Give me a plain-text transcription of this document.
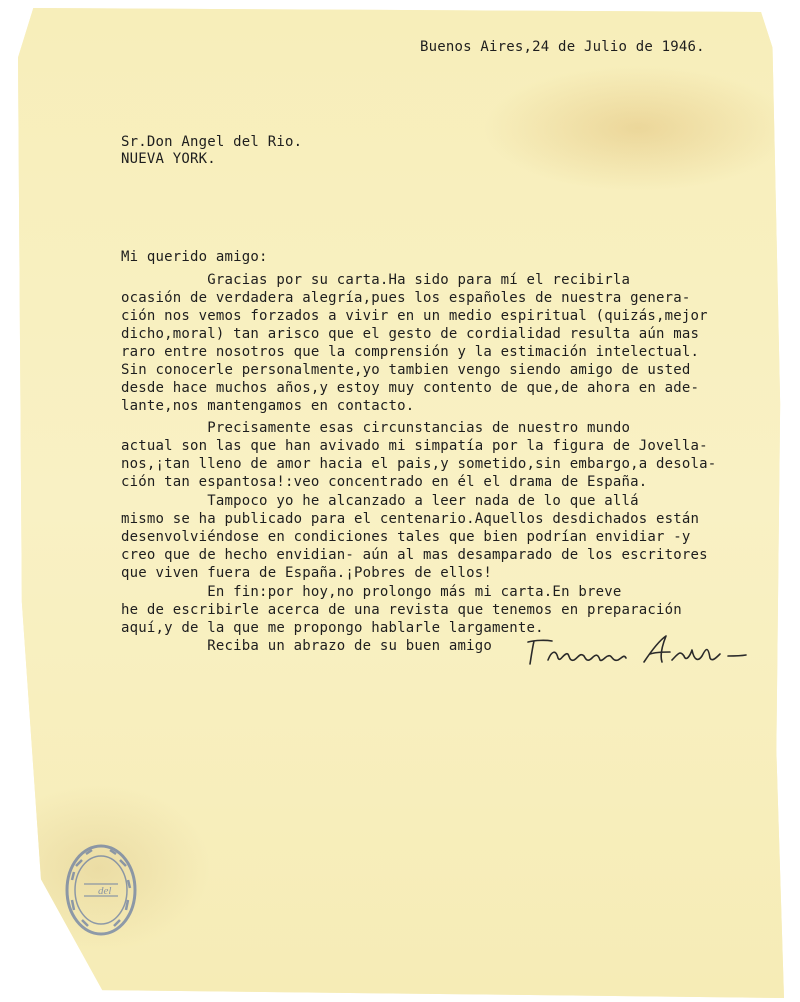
Buenos Aires,24 de Julio de 1946.
Sr.Don Angel del Rio.
NUEVA YORK.
Mi querido amigo:
Gracias por su carta.Ha sido para mí el recibirla
ocasión de verdadera alegría,pues los españoles de nuestra genera-
ción nos vemos forzados a vivir en un medio espiritual (quizás,mejor
dicho,moral) tan arisco que el gesto de cordialidad resulta aún mas
raro entre nosotros que la comprensión y la estimación intelectual.
Sin conocerle personalmente,yo tambien vengo siendo amigo de usted
desde hace muchos años,y estoy muy contento de que,de ahora en ade-
lante,nos mantengamos en contacto.
Precisamente esas circunstancias de nuestro mundo
actual son las que han avivado mi simpatía por la figura de Jovella-
nos,¡tan lleno de amor hacia el pais,y sometido,sin embargo,a desola-
ción tan espantosa!:veo concentrado en él el drama de España.
Tampoco yo he alcanzado a leer nada de lo que allá
mismo se ha publicado para el centenario.Aquellos desdichados están
desenvolviéndose en condiciones tales que bien podrían envidiar -y
creo que de hecho envidian- aún al mas desamparado de los escritores
que viven fuera de España.¡Pobres de ellos!
En fin:por hoy,no prolongo más mi carta.En breve
he de escribirle acerca de una revista que tenemos en preparación
aquí,y de la que me propongo hablarle largamente.
Reciba un abrazo de su buen amigo
del
